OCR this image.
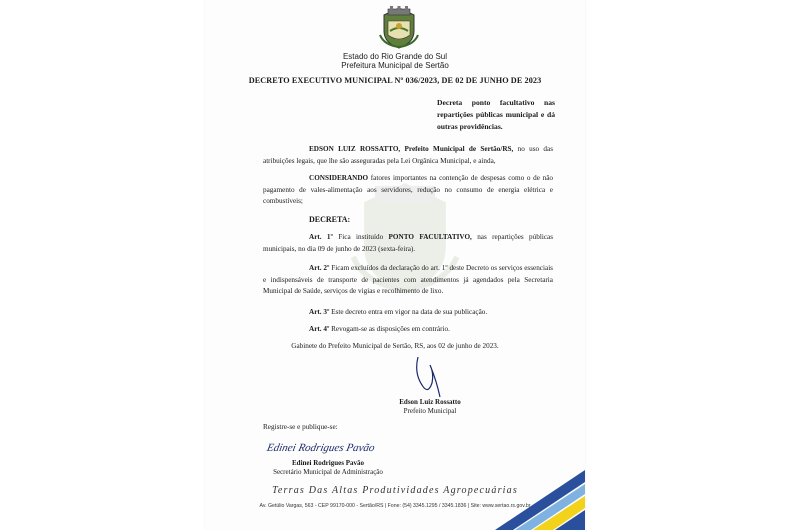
Estado do Rio Grande do Sul
Prefeitura Municipal de Sertão
DECRETO EXECUTIVO MUNICIPAL Nº 036/2023, DE 02 DE JUNHO DE 2023
Decreta ponto facultativo nas repartições públicas municipal e dá outras providências.
EDSON LUIZ ROSSATTO, Prefeito Municipal de Sertão/RS, no uso das atribuições legais, que lhe são asseguradas pela Lei Orgânica Municipal, e ainda,
CONSIDERANDO fatores importantes na contenção de despesas como o de não pagamento de vales-alimentação aos servidores, redução no consumo de energia elétrica e combustíveis;
DECRETA:
Art. 1º Fica instituído PONTO FACULTATIVO, nas repartições públicas municipais, no dia 09 de junho de 2023 (sexta-feira).
Art. 2º Ficam excluídos da declaração do art. 1º deste Decreto os serviços essenciais e indispensáveis de transporte de pacientes com atendimentos já agendados pela Secretaria Municipal de Saúde, serviços de vigias e recolhimento de lixo.
Art. 3º Este decreto entra em vigor na data de sua publicação.
Art. 4º Revogam-se as disposições em contrário.
Gabinete do Prefeito Municipal de Sertão, RS, aos 02 de junho de 2023.
Edson Luiz Rossatto
Prefeito Municipal
Registre-se e publique-se:
Edinei Rodrigues Pavão
Edinei Rodrigues Pavão
Secretário Municipal de Administração
Terras Das Altas Produtividades Agropecuárias
Av. Getúlio Vargas, 563 - CEP 99170-000 - Sertão/RS | Fone: (54) 3345.1295 / 3345.1836 | Site: www.sertao.rs.gov.br
